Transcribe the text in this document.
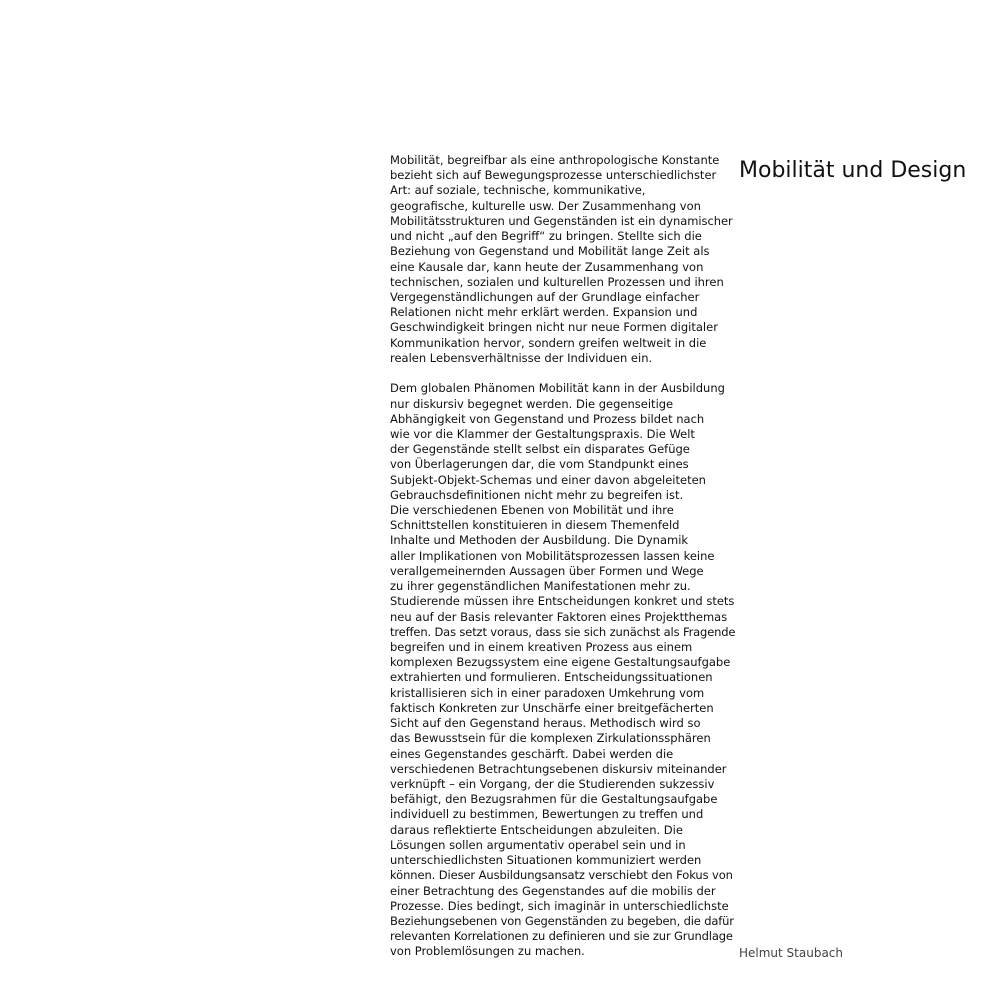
Mobilität und Design

Mobilität, begreifbar als eine anthropologische Konstante
bezieht sich auf Bewegungsprozesse unterschiedlichster
Art: auf soziale, technische, kommunikative,
geografische, kulturelle usw. Der Zusammenhang von
Mobilitätsstrukturen und Gegenständen ist ein dynamischer
und nicht „auf den Begriff“ zu bringen. Stellte sich die
Beziehung von Gegenstand und Mobilität lange Zeit als
eine Kausale dar, kann heute der Zusammenhang von
technischen, sozialen und kulturellen Prozessen und ihren
Vergegenständlichungen auf der Grundlage einfacher
Relationen nicht mehr erklärt werden. Expansion und
Geschwindigkeit bringen nicht nur neue Formen digitaler
Kommunikation hervor, sondern greifen weltweit in die
realen Lebensverhältnisse der Individuen ein.

Dem globalen Phänomen Mobilität kann in der Ausbildung
nur diskursiv begegnet werden. Die gegenseitige
Abhängigkeit von Gegenstand und Prozess bildet nach
wie vor die Klammer der Gestaltungspraxis. Die Welt
der Gegenstände stellt selbst ein disparates Gefüge
von Überlagerungen dar, die vom Standpunkt eines
Subjekt-Objekt-Schemas und einer davon abgeleiteten
Gebrauchsdefinitionen nicht mehr zu begreifen ist.
Die verschiedenen Ebenen von Mobilität und ihre
Schnittstellen konstituieren in diesem Themenfeld
Inhalte und Methoden der Ausbildung. Die Dynamik
aller Implikationen von Mobilitätsprozessen lassen keine
verallgemeinernden Aussagen über Formen und Wege
zu ihrer gegenständlichen Manifestationen mehr zu.
Studierende müssen ihre Entscheidungen konkret und stets
neu auf der Basis relevanter Faktoren eines Projektthemas
treffen. Das setzt voraus, dass sie sich zunächst als Fragende
begreifen und in einem kreativen Prozess aus einem
komplexen Bezugssystem eine eigene Gestaltungsaufgabe
extrahierten und formulieren. Entscheidungssituationen
kristallisieren sich in einer paradoxen Umkehrung vom
faktisch Konkreten zur Unschärfe einer breitgefächerten
Sicht auf den Gegenstand heraus. Methodisch wird so
das Bewusstsein für die komplexen Zirkulationssphären
eines Gegenstandes geschärft. Dabei werden die
verschiedenen Betrachtungsebenen diskursiv miteinander
verknüpft – ein Vorgang, der die Studierenden sukzessiv
befähigt, den Bezugsrahmen für die Gestaltungsaufgabe
individuell zu bestimmen, Bewertungen zu treffen und
daraus reflektierte Entscheidungen abzuleiten. Die
Lösungen sollen argumentativ operabel sein und in
unterschiedlichsten Situationen kommuniziert werden
können. Dieser Ausbildungsansatz verschiebt den Fokus von
einer Betrachtung des Gegenstandes auf die mobilis der
Prozesse. Dies bedingt, sich imaginär in unterschiedlichste
Beziehungsebenen von Gegenständen zu begeben, die dafür
relevanten Korrelationen zu definieren und sie zur Grundlage
von Problemlösungen zu machen.	Helmut Staubach
